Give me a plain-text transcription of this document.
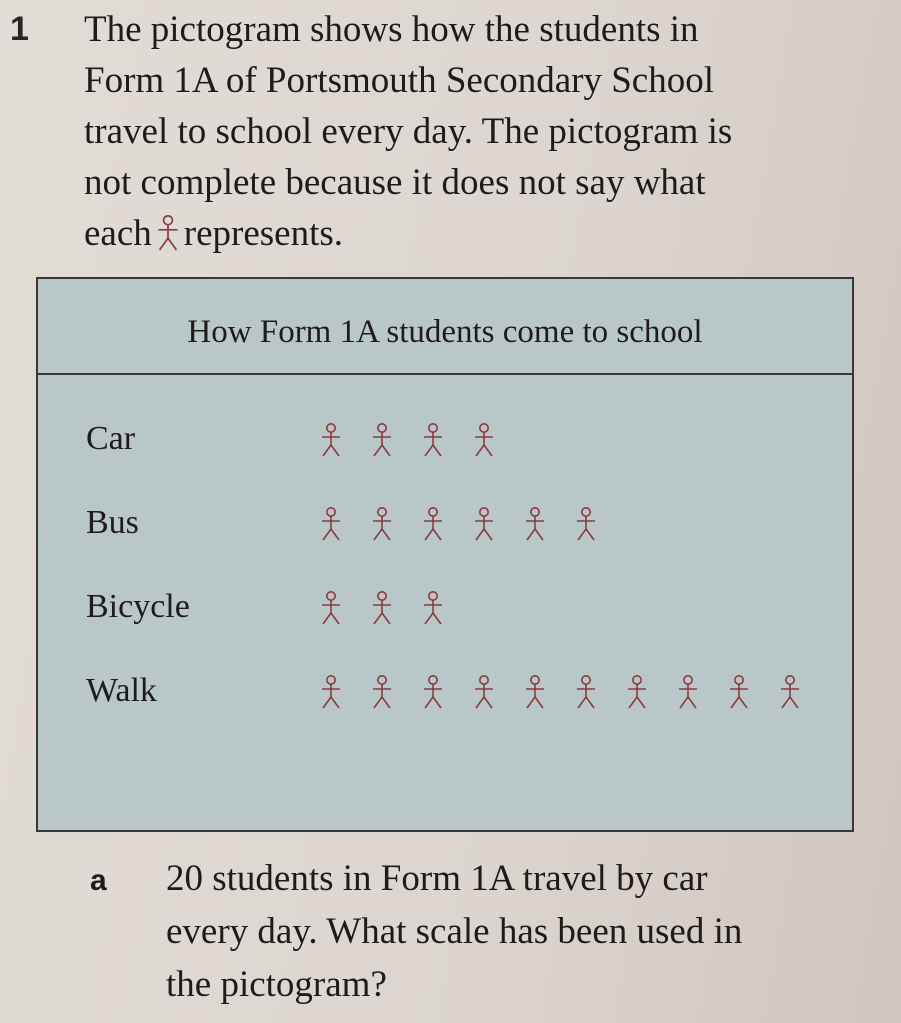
1 The pictogram shows how the students in

Form 1A of Portsmouth Secondary School

travel to school every day. The pictogram is

not complete because it does not say what

each represents.

How Form 1A students come to school
Car
Bus
Bicycle
Walk
a 20 students in Form 1A travel by car

every day. What scale has been used in

the pictogram?
